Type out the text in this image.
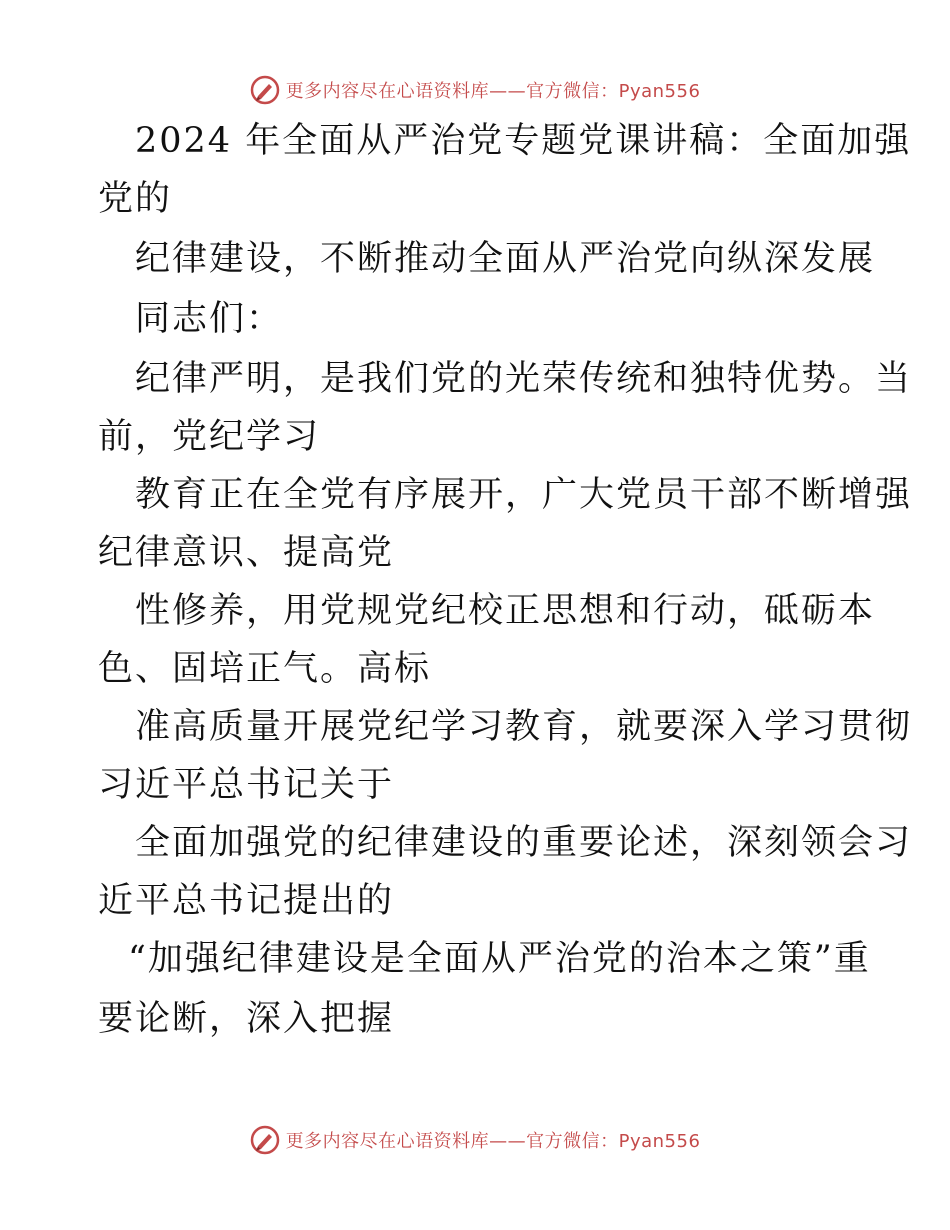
更多内容尽在心语资料库——官方微信：Pyan556
2024 年全面从严治党专题党课讲稿：全面加强
党的
纪律建设，不断推动全面从严治党向纵深发展
同志们：
纪律严明，是我们党的光荣传统和独特优势。当
前，党纪学习
教育正在全党有序展开，广大党员干部不断增强
纪律意识、提高党
性修养，用党规党纪校正思想和行动，砥砺本
色、固培正气。高标
准高质量开展党纪学习教育，就要深入学习贯彻
习近平总书记关于
全面加强党的纪律建设的重要论述，深刻领会习
近平总书记提出的
“加强纪律建设是全面从严治党的治本之策”重
要论断，深入把握
更多内容尽在心语资料库——官方微信：Pyan556
